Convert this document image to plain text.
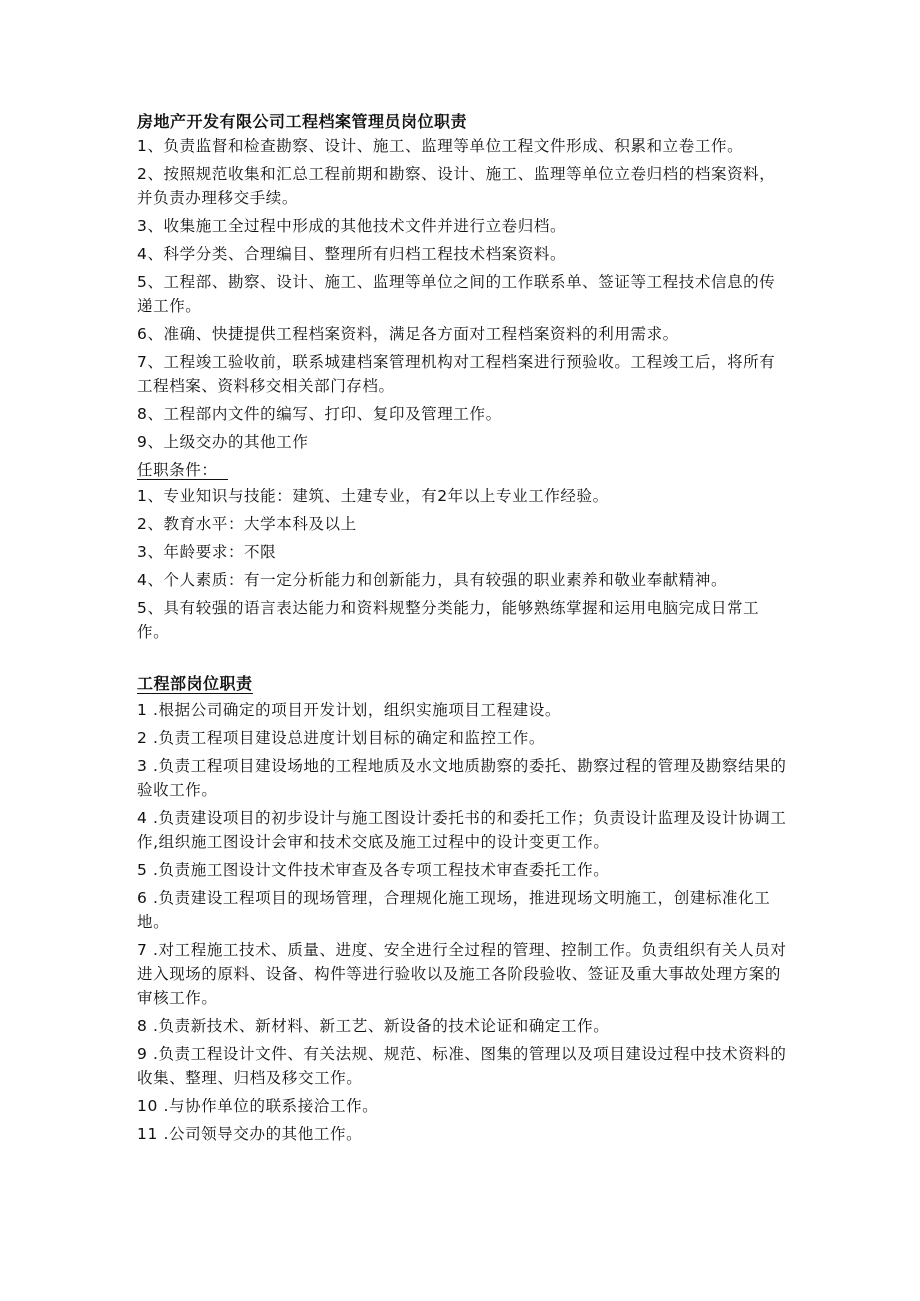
房地产开发有限公司工程档案管理员岗位职责

1、负责监督和检查勘察、设计、施工、监理等单位工程文件形成、积累和立卷工作。

2、按照规范收集和汇总工程前期和勘察、设计、施工、监理等单位立卷归档的档案资料，并负责办理移交手续。

3、收集施工全过程中形成的其他技术文件并进行立卷归档。

4、科学分类、合理编目、整理所有归档工程技术档案资料。

5、工程部、勘察、设计、施工、监理等单位之间的工作联系单、签证等工程技术信息的传递工作。

6、准确、快捷提供工程档案资料，满足各方面对工程档案资料的利用需求。

7、工程竣工验收前，联系城建档案管理机构对工程档案进行预验收。工程竣工后，将所有工程档案、资料移交相关部门存档。

8、工程部内文件的编写、打印、复印及管理工作。

9、上级交办的其他工作

任职条件：

1、专业知识与技能：建筑、土建专业，有2年以上专业工作经验。

2、教育水平：大学本科及以上

3、年龄要求：不限

4、个人素质：有一定分析能力和创新能力，具有较强的职业素养和敬业奉献精神。

5、具有较强的语言表达能力和资料规整分类能力，能够熟练掌握和运用电脑完成日常工作。

工程部岗位职责

1 .根据公司确定的项目开发计划，组织实施项目工程建设。

2 .负责工程项目建设总进度计划目标的确定和监控工作。

3 .负责工程项目建设场地的工程地质及水文地质勘察的委托、勘察过程的管理及勘察结果的验收工作。

4 .负责建设项目的初步设计与施工图设计委托书的和委托工作；负责设计监理及设计协调工作,组织施工图设计会审和技术交底及施工过程中的设计变更工作。

5 .负责施工图设计文件技术审查及各专项工程技术审查委托工作。

6 .负责建设工程项目的现场管理，合理规化施工现场，推进现场文明施工，创建标准化工地。

7 .对工程施工技术、质量、进度、安全进行全过程的管理、控制工作。负责组织有关人员对进入现场的原料、设备、构件等进行验收以及施工各阶段验收、签证及重大事故处理方案的审核工作。

8 .负责新技术、新材料、新工艺、新设备的技术论证和确定工作。

9 .负责工程设计文件、有关法规、规范、标准、图集的管理以及项目建设过程中技术资料的收集、整理、归档及移交工作。

10 .与协作单位的联系接洽工作。

11 .公司领导交办的其他工作。
